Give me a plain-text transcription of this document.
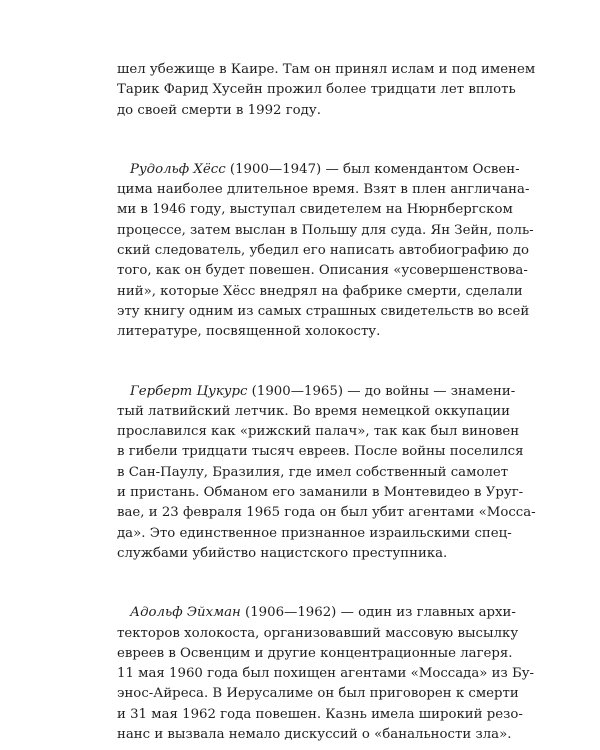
шел убежище в Каире. Там он принял ислам и под именем
Тарик Фарид Хусейн прожил более тридцати лет вплоть
до своей смерти в 1992 году.
Рудольф Хёсс (1900—1947) — был комендантом Освен-
цима наиболее длительное время. Взят в плен англичана-
ми в 1946 году, выступал свидетелем на Нюрнбергском
процессе, затем выслан в Польшу для суда. Ян Зейн, поль-
ский следователь, убедил его написать автобиографию до
того, как он будет повешен. Описания «усовершенствова-
ний», которые Хёсс внедрял на фабрике смерти, сделали
эту книгу одним из самых страшных свидетельств во всей
литературе, посвященной холокосту.
Герберт Цукурс (1900—1965) — до войны — знамени-
тый латвийский летчик. Во время немецкой оккупации
прославился как «рижский палач», так как был виновен
в гибели тридцати тысяч евреев. После войны поселился
в Сан-Паулу, Бразилия, где имел собственный самолет
и пристань. Обманом его заманили в Монтевидео в Уруг-
вае, и 23 февраля 1965 года он был убит агентами «Мосса-
да». Это единственное признанное израильскими спец-
службами убийство нацистского преступника.
Адольф Эйхман (1906—1962) — один из главных архи-
текторов холокоста, организовавший массовую высылку
евреев в Освенцим и другие концентрационные лагеря.
11 мая 1960 года был похищен агентами «Моссада» из Бу-
энос-Айреса. В Иерусалиме он был приговорен к смерти
и 31 мая 1962 года повешен. Казнь имела широкий резо-
нанс и вызвала немало дискуссий о «банальности зла».
